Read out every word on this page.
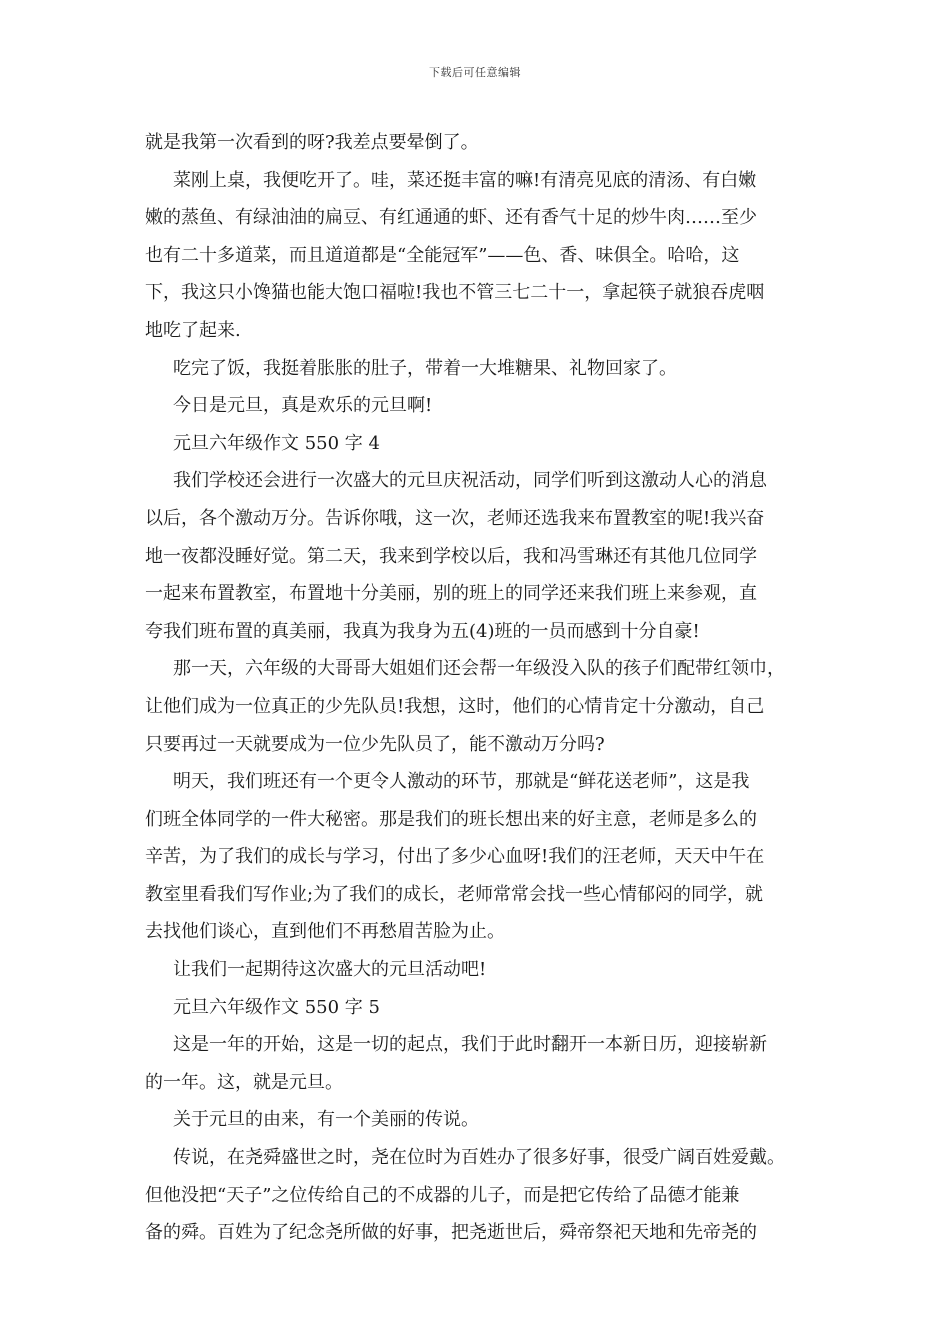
下载后可任意编辑
就是我第一次看到的呀?我差点要晕倒了。
菜刚上桌，我便吃开了。哇，菜还挺丰富的嘛!有清亮见底的清汤、有白嫩
嫩的蒸鱼、有绿油油的扁豆、有红通通的虾、还有香气十足的炒牛肉……至少
也有二十多道菜，而且道道都是“全能冠军”——色、香、味俱全。哈哈，这
下，我这只小馋猫也能大饱口福啦!我也不管三七二十一，拿起筷子就狼吞虎咽
地吃了起来.
吃完了饭，我挺着胀胀的肚子，带着一大堆糖果、礼物回家了。
今日是元旦，真是欢乐的元旦啊!
元旦六年级作文 550 字 4
我们学校还会进行一次盛大的元旦庆祝活动，同学们听到这激动人心的消息
以后，各个激动万分。告诉你哦，这一次，老师还选我来布置教室的呢!我兴奋
地一夜都没睡好觉。第二天，我来到学校以后，我和冯雪琳还有其他几位同学
一起来布置教室，布置地十分美丽，别的班上的同学还来我们班上来参观，直
夸我们班布置的真美丽，我真为我身为五(4)班的一员而感到十分自豪!
那一天，六年级的大哥哥大姐姐们还会帮一年级没入队的孩子们配带红领巾，
让他们成为一位真正的少先队员!我想，这时，他们的心情肯定十分激动，自己
只要再过一天就要成为一位少先队员了，能不激动万分吗?
明天，我们班还有一个更令人激动的环节，那就是“鲜花送老师”，这是我
们班全体同学的一件大秘密。那是我们的班长想出来的好主意，老师是多么的
辛苦，为了我们的成长与学习，付出了多少心血呀!我们的汪老师，天天中午在
教室里看我们写作业;为了我们的成长，老师常常会找一些心情郁闷的同学，就
去找他们谈心，直到他们不再愁眉苦脸为止。
让我们一起期待这次盛大的元旦活动吧!
元旦六年级作文 550 字 5
这是一年的开始，这是一切的起点，我们于此时翻开一本新日历，迎接崭新
的一年。这，就是元旦。
关于元旦的由来，有一个美丽的传说。
传说，在尧舜盛世之时，尧在位时为百姓办了很多好事，很受广阔百姓爱戴。
但他没把“天子”之位传给自己的不成器的儿子，而是把它传给了品德才能兼
备的舜。百姓为了纪念尧所做的好事，把尧逝世后，舜帝祭祀天地和先帝尧的
